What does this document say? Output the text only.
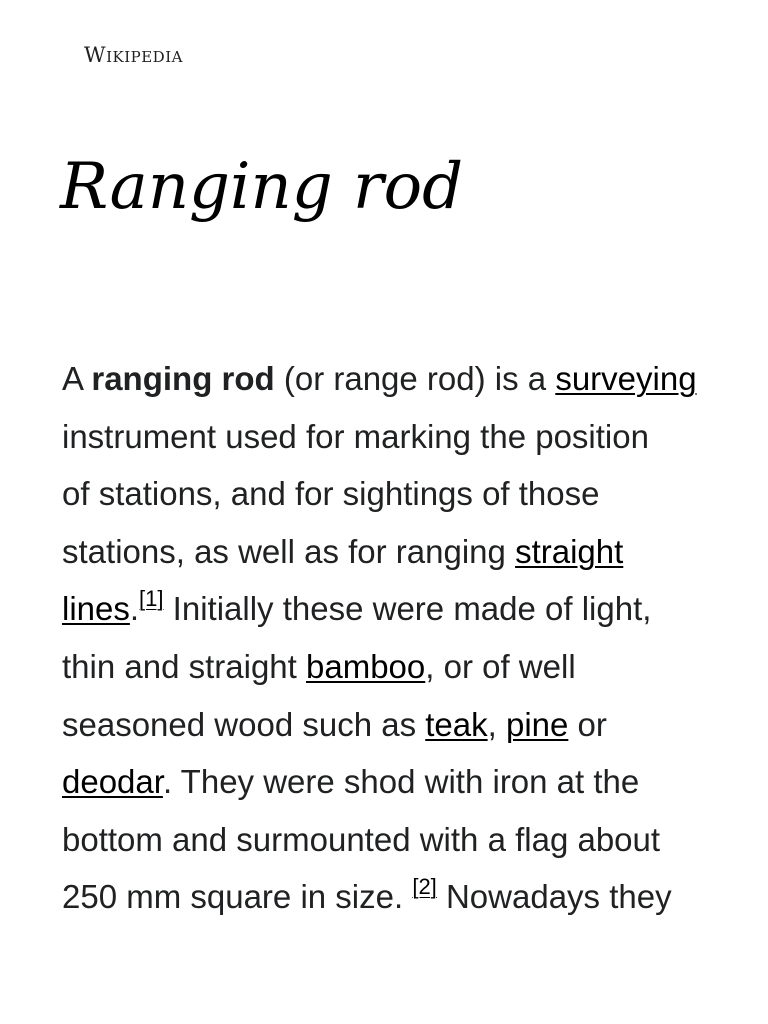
Wikipedia
Ranging rod

A ranging rod (or range rod) is a surveying
instrument used for marking the position
of stations, and for sightings of those
stations, as well as for ranging straight
lines.[1] Initially these were made of light,
thin and straight bamboo, or of well
seasoned wood such as teak, pine or
deodar. They were shod with iron at the
bottom and surmounted with a flag about
250 mm square in size. [2] Nowadays they
